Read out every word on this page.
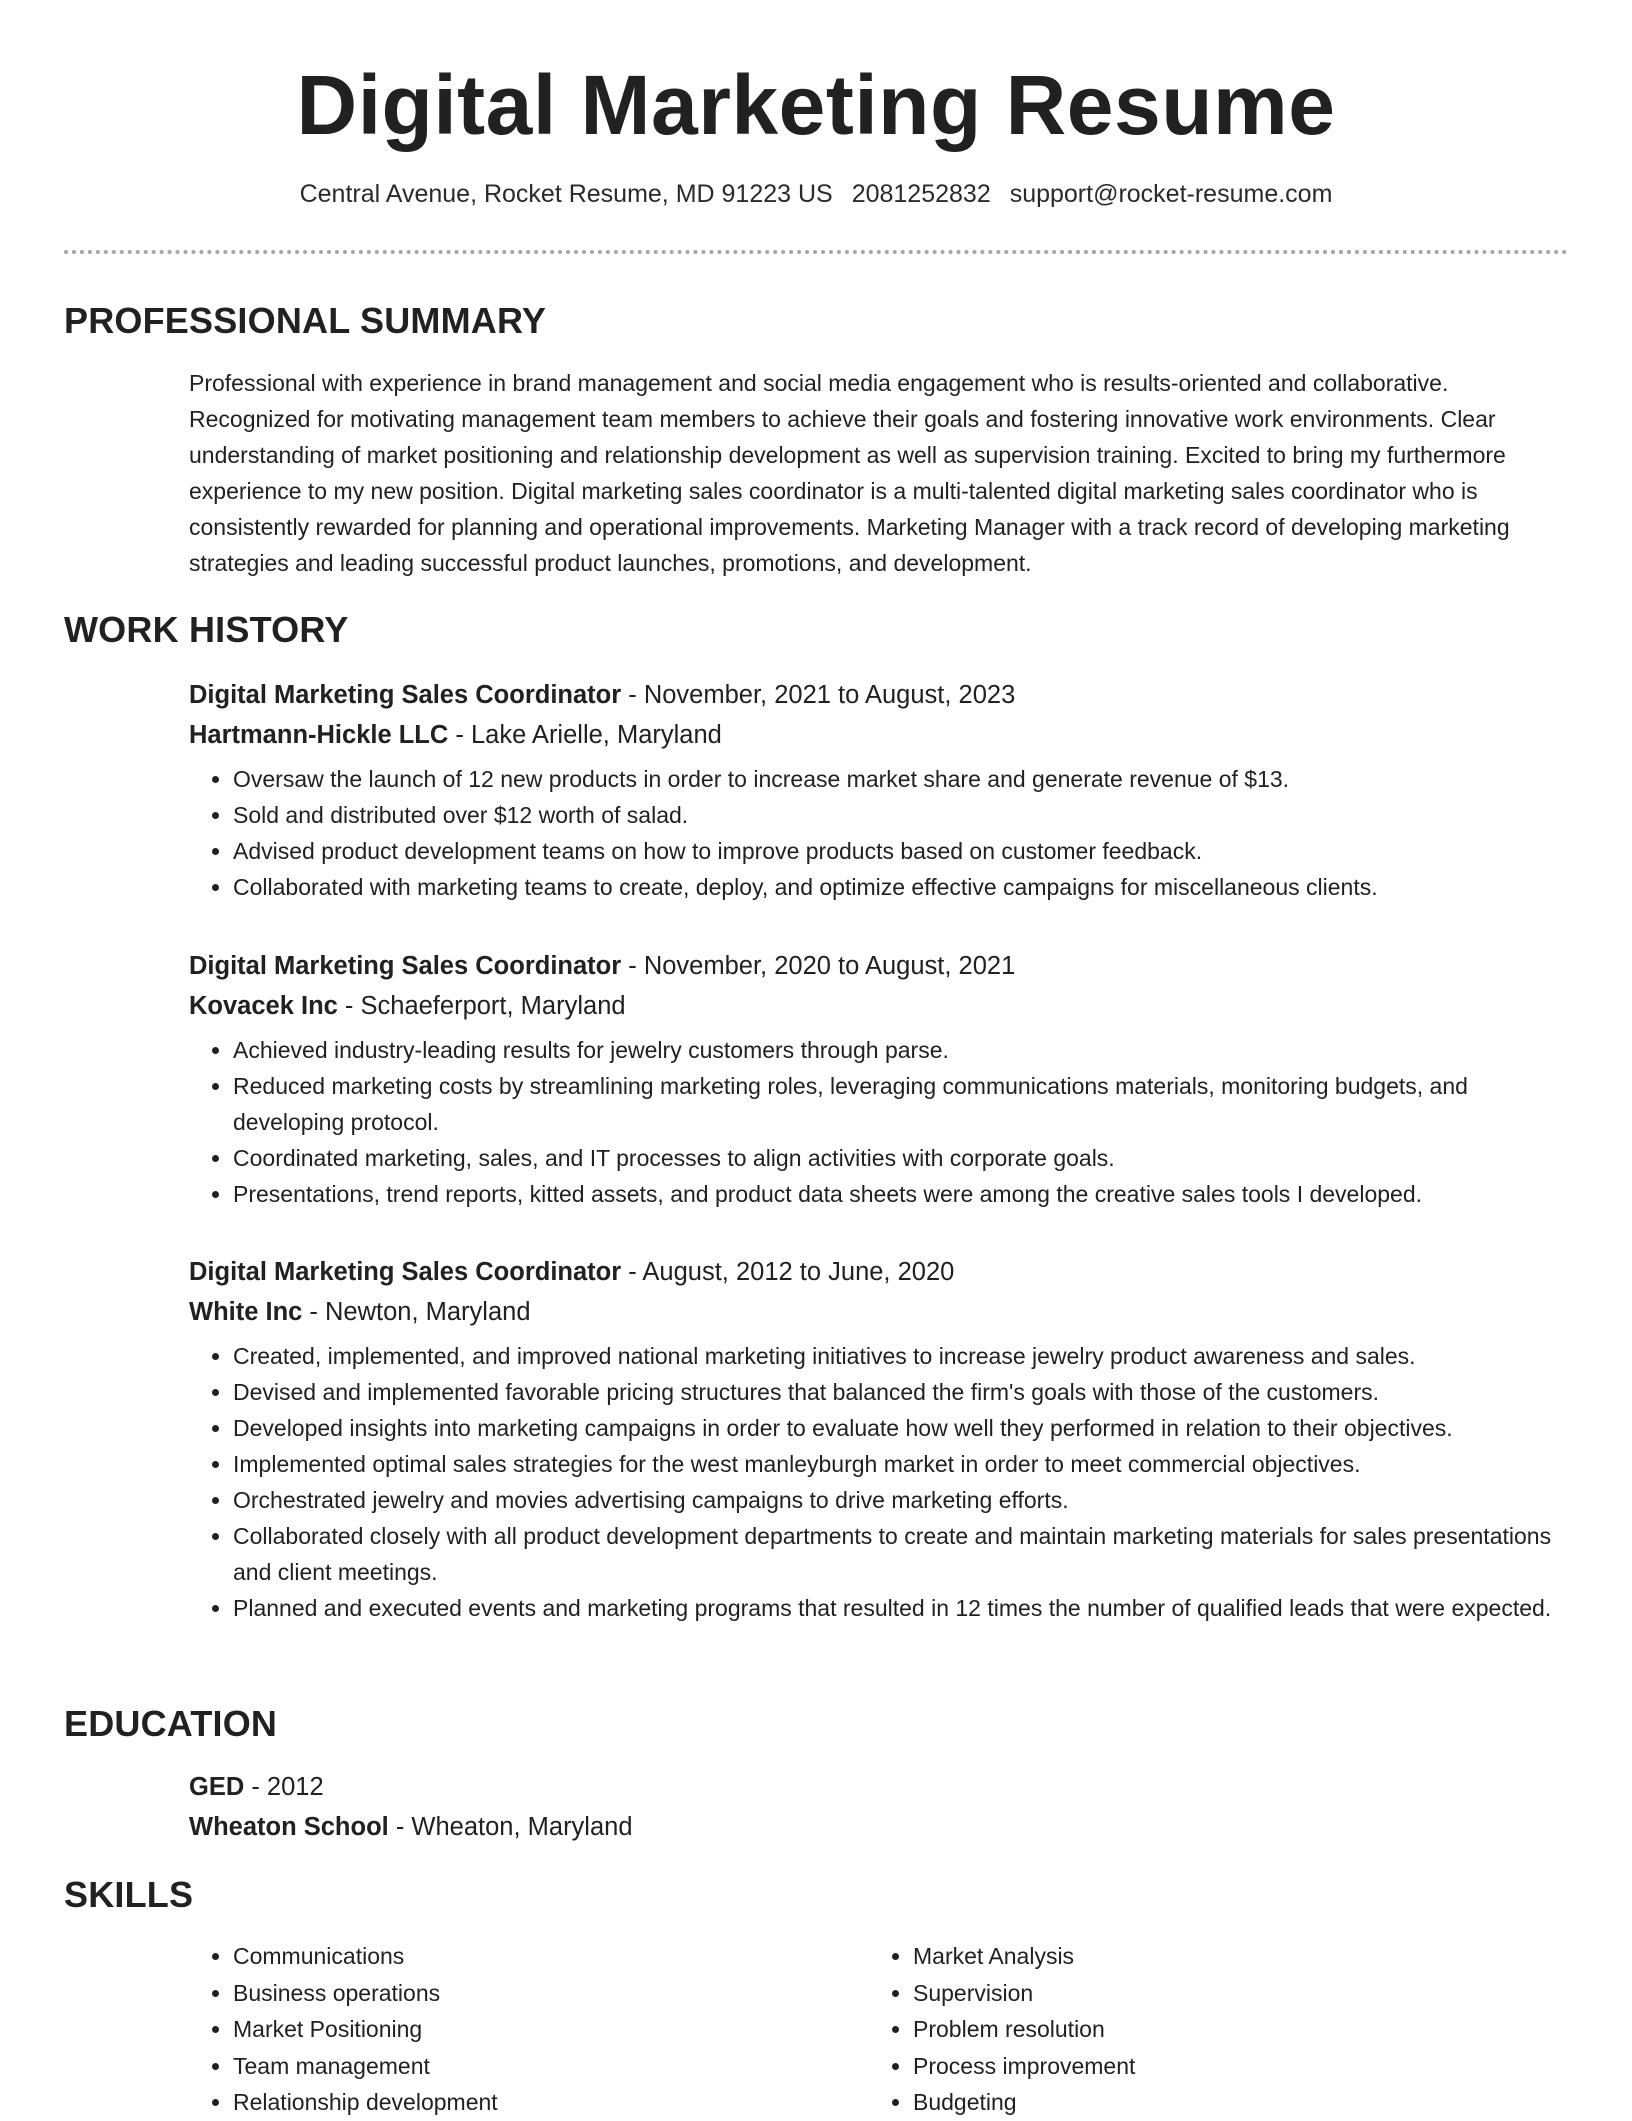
Digital Marketing Resume
Central Avenue, Rocket Resume, MD 91223 US 2081252832 support@rocket-resume.com
PROFESSIONAL SUMMARY
Professional with experience in brand management and social media engagement who is results-oriented and collaborative. Recognized for motivating management team members to achieve their goals and fostering innovative work environments. Clear understanding of market positioning and relationship development as well as supervision training. Excited to bring my furthermore experience to my new position. Digital marketing sales coordinator is a multi-talented digital marketing sales coordinator who is consistently rewarded for planning and operational improvements. Marketing Manager with a track record of developing marketing strategies and leading successful product launches, promotions, and development.
WORK HISTORY
Digital Marketing Sales Coordinator - November, 2021 to August, 2023
Hartmann-Hickle LLC - Lake Arielle, Maryland
• Oversaw the launch of 12 new products in order to increase market share and generate revenue of $13.
• Sold and distributed over $12 worth of salad.
• Advised product development teams on how to improve products based on customer feedback.
• Collaborated with marketing teams to create, deploy, and optimize effective campaigns for miscellaneous clients.
Digital Marketing Sales Coordinator - November, 2020 to August, 2021
Kovacek Inc - Schaeferport, Maryland
• Achieved industry-leading results for jewelry customers through parse.
• Reduced marketing costs by streamlining marketing roles, leveraging communications materials, monitoring budgets, and developing protocol.
• Coordinated marketing, sales, and IT processes to align activities with corporate goals.
• Presentations, trend reports, kitted assets, and product data sheets were among the creative sales tools I developed.
Digital Marketing Sales Coordinator - August, 2012 to June, 2020
White Inc - Newton, Maryland
• Created, implemented, and improved national marketing initiatives to increase jewelry product awareness and sales.
• Devised and implemented favorable pricing structures that balanced the firm's goals with those of the customers.
• Developed insights into marketing campaigns in order to evaluate how well they performed in relation to their objectives.
• Implemented optimal sales strategies for the west manleyburgh market in order to meet commercial objectives.
• Orchestrated jewelry and movies advertising campaigns to drive marketing efforts.
• Collaborated closely with all product development departments to create and maintain marketing materials for sales presentations and client meetings.
• Planned and executed events and marketing programs that resulted in 12 times the number of qualified leads that were expected.
EDUCATION
GED - 2012
Wheaton School - Wheaton, Maryland
SKILLS
• Communications
• Business operations
• Market Positioning
• Team management
• Relationship development
• Market Analysis
• Supervision
• Problem resolution
• Process improvement
• Budgeting
